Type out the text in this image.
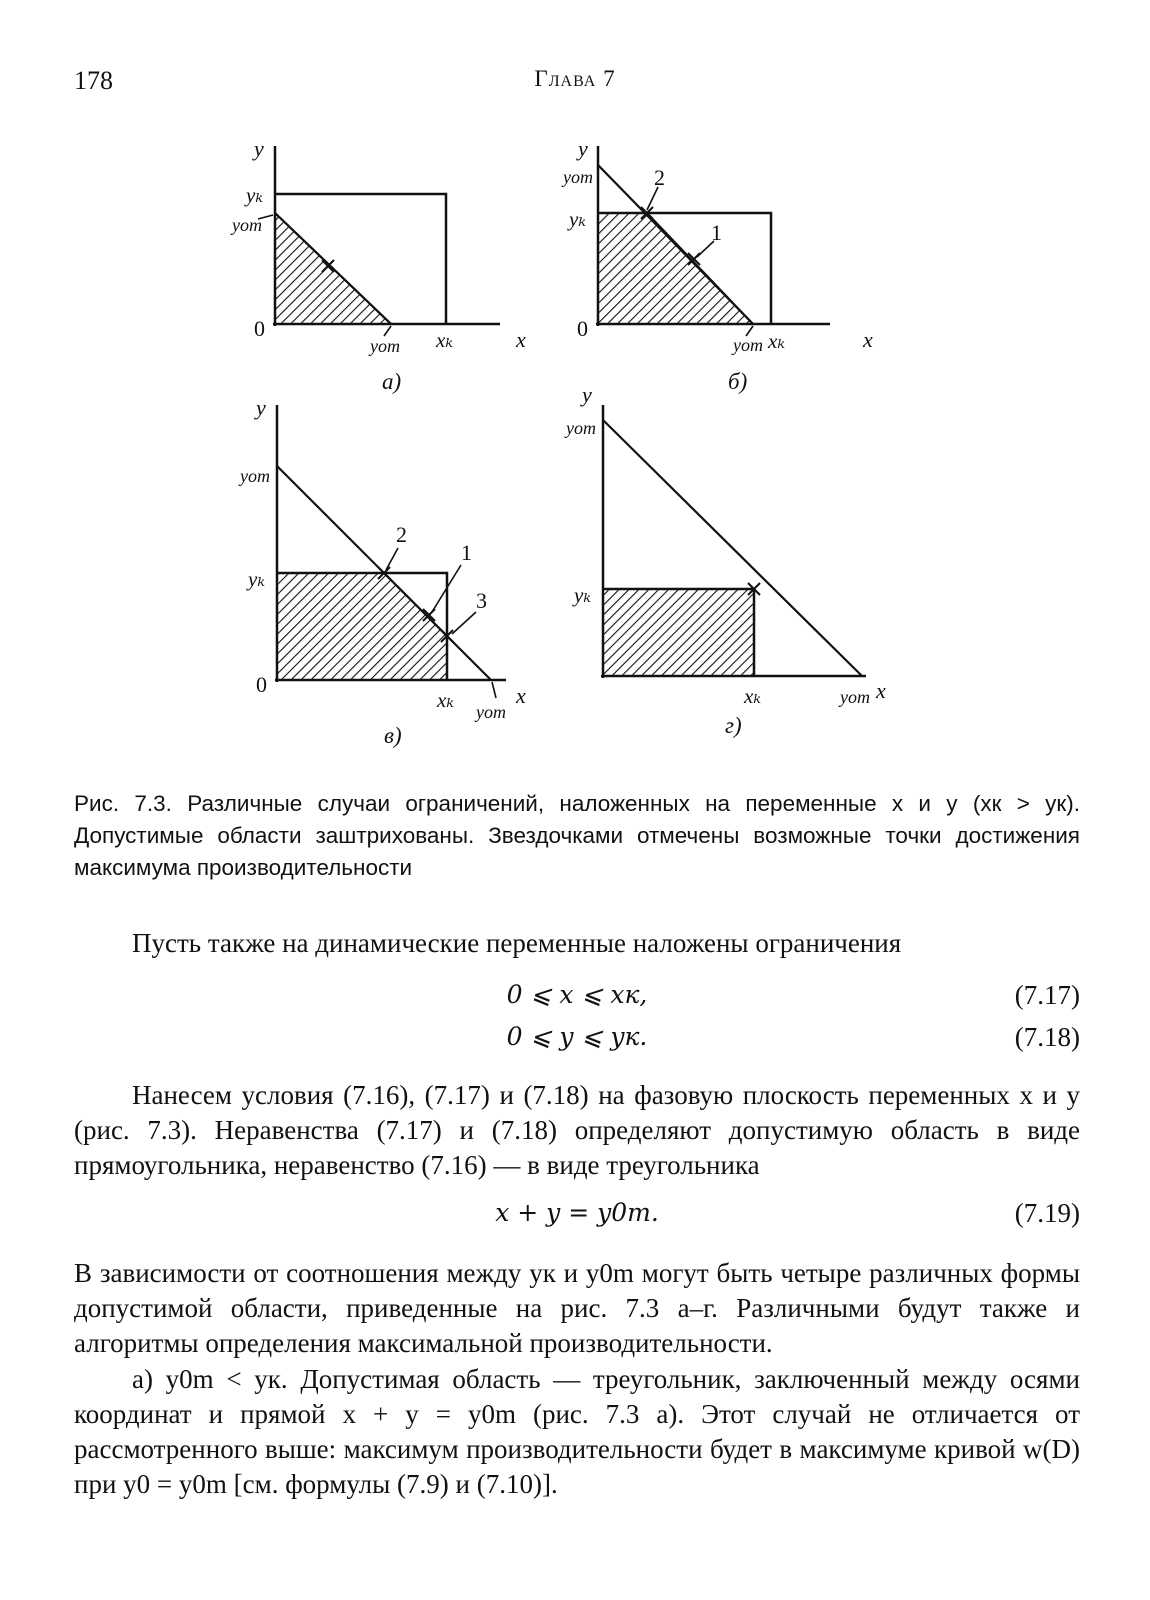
178	Глава 7
y
yₖ
yот
0
yот xₖ	x
а)
y
yот
yₖ
2
1
0
yот xₖ	x
б)
y
yот
yₖ
2
1
3
0
xₖ yот
x
в)
y
yот
yₖ
xₖ	yот x
г)
Рис. 7.3. Различные случаи ограничений, наложенных на переменные x и y (xк > yк). Допустимые области заштрихованы. Звездочками отмечены возможные точки достижения максимума производительности
Пусть также на динамические переменные наложены ограничения
0 ⩽ x ⩽ xк,	(7.17)
0 ⩽ y ⩽ yк.	(7.18)
Нанесем условия (7.16), (7.17) и (7.18) на фазовую плоскость переменных x и y (рис. 7.3). Неравенства (7.17) и (7.18) определяют допустимую область в виде прямоугольника, неравенство (7.16) — в виде треугольника
x + y = y0m.	(7.19)
В зависимости от соотношения между yк и y0m могут быть четыре различных формы допустимой области, приведенные на рис. 7.3 а–г. Различными будут также и алгоритмы определения максимальной производительности.
а) y0m < yк. Допустимая область — треугольник, заключенный между осями координат и прямой x + y = y0m (рис. 7.3 а). Этот случай не отличается от рассмотренного выше: максимум производительности будет в максимуме кривой w(D) при y0 = y0m [см. формулы (7.9) и (7.10)].
